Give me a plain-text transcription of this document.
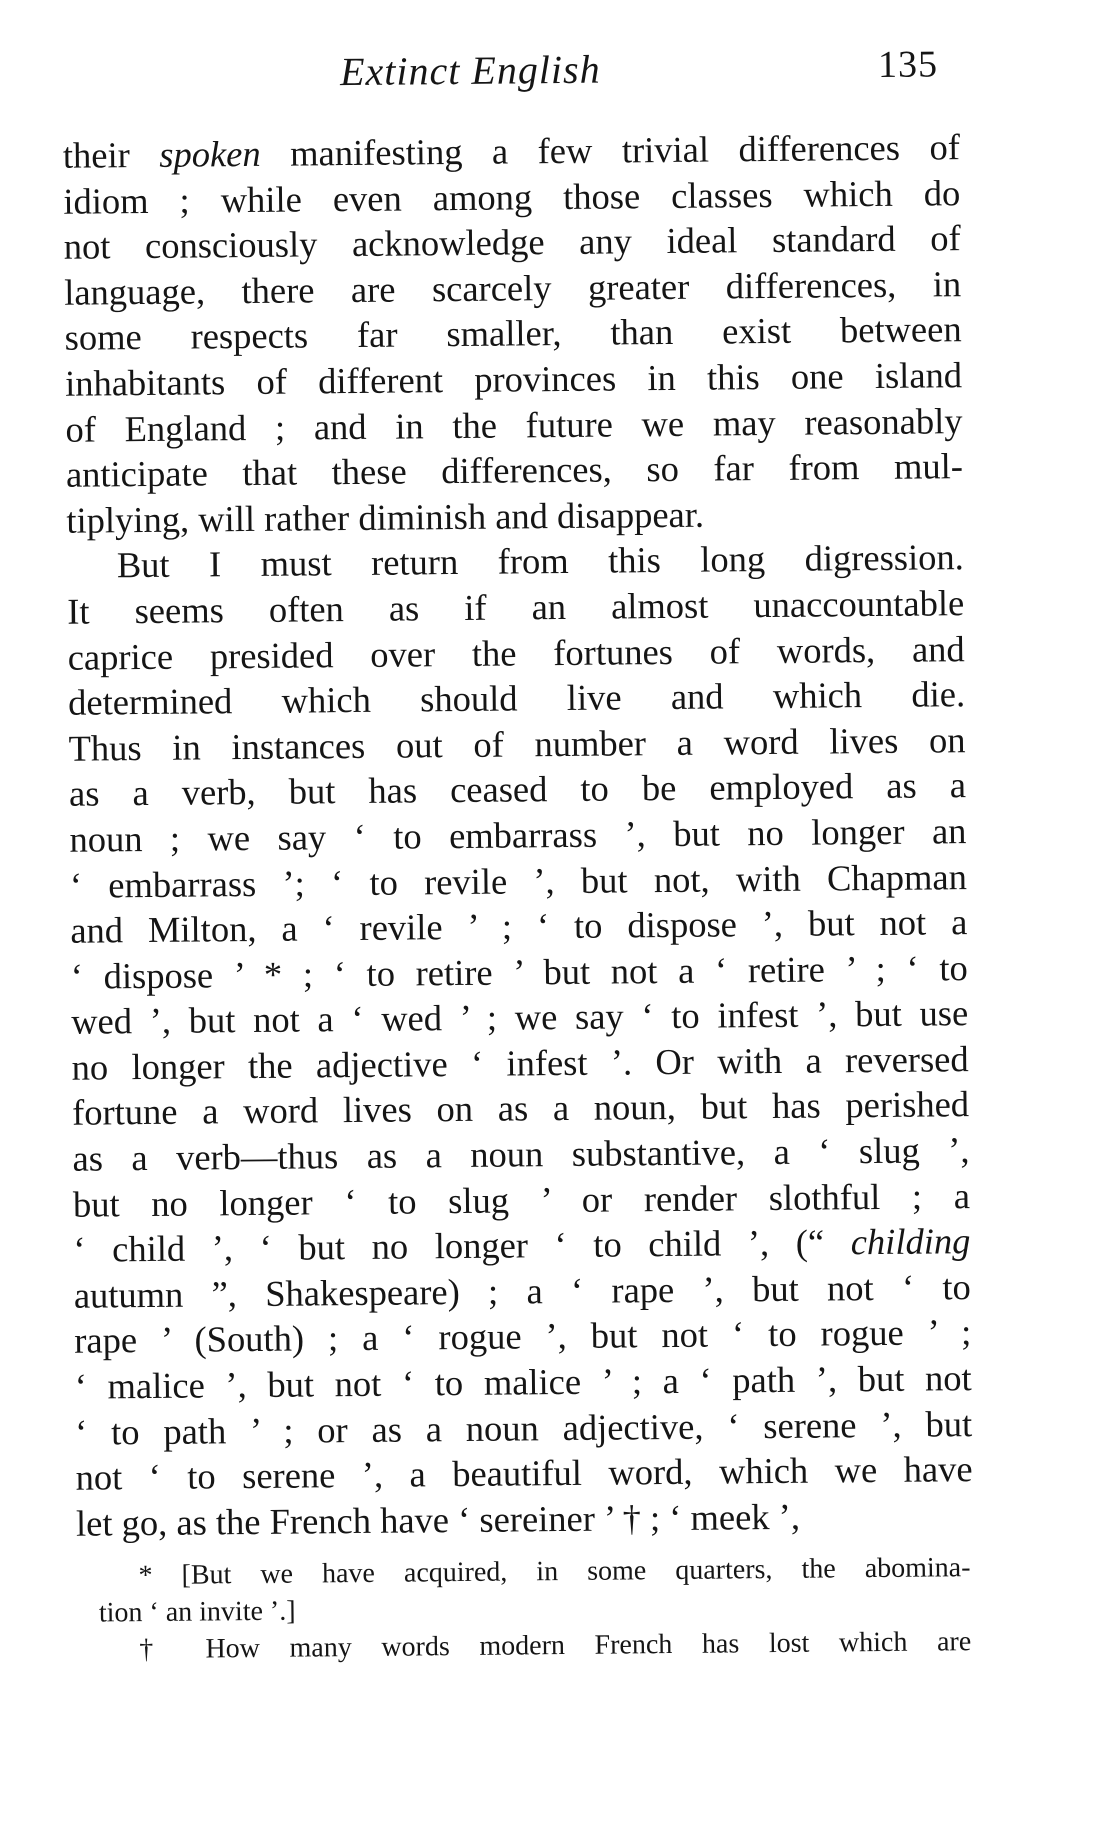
Extinct English	135
their spoken manifesting a few trivial differences of
idiom ; while even among those classes which do
not consciously acknowledge any ideal standard of
language, there are scarcely greater differences, in
some respects far smaller, than exist between
inhabitants of different provinces in this one island
of England ; and in the future we may reasonably
anticipate that these differences, so far from mul-
tiplying, will rather diminish and disappear.
But I must return from this long digression.
It seems often as if an almost unaccountable
caprice presided over the fortunes of words, and
determined which should live and which die.
Thus in instances out of number a word lives on
as a verb, but has ceased to be employed as a
noun ; we say ‘ to embarrass ’, but no longer an
‘ embarrass ’; ‘ to revile ’, but not, with Chapman
and Milton, a ‘ revile ’ ; ‘ to dispose ’, but not a
‘ dispose ’ * ; ‘ to retire ’ but not a ‘ retire ’ ; ‘ to
wed ’, but not a ‘ wed ’ ; we say ‘ to infest ’, but use
no longer the adjective ‘ infest ’. Or with a reversed
fortune a word lives on as a noun, but has perished
as a verb—thus as a noun substantive, a ‘ slug ’,
but no longer ‘ to slug ’ or render slothful ; a
‘ child ’, ‘ but no longer ‘ to child ’, (“ childing
autumn ”, Shakespeare) ; a ‘ rape ’, but not ‘ to
rape ’ (South) ; a ‘ rogue ’, but not ‘ to rogue ’ ;
‘ malice ’, but not ‘ to malice ’ ; a ‘ path ’, but not
‘ to path ’ ; or as a noun adjective, ‘ serene ’, but
not ‘ to serene ’, a beautiful word, which we have
let go, as the French have ‘ sereiner ’ † ; ‘ meek ’,
* [But we have acquired, in some quarters, the abomina-
tion ‘ an invite ’.]
† How many words modern French has lost which are
